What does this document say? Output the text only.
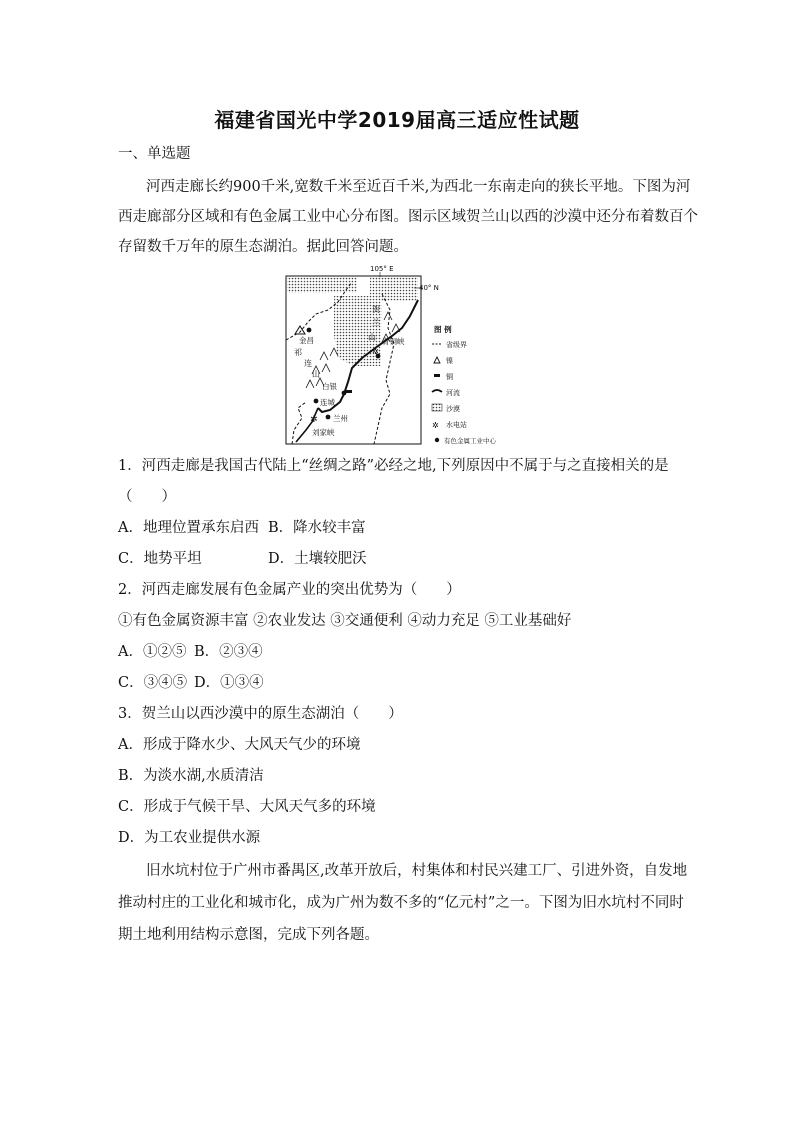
福建省国光中学2019届高三适应性试题
一、单选题
河西走廊长约900千米,宽数千米至近百千米,为西北一东南走向的狭长平地。下图为河
西走廊部分区域和有色金属工业中心分布图。图示区域贺兰山以西的沙漠中还分布着数百个
存留数千万年的原生态湖泊。据此回答问题。
105° E
40° N
✲
✲
金昌
白银
连城
兰州
刘家峡
青铜峡
祁
连
山
贺
兰
山
图 例
省级界
镍
铜
河流
沙漠
✲ 水电站
有色金属工业中心
1．河西走廊是我国古代陆上“丝绸之路”必经之地,下列原因中不属于与之直接相关的是
（　　）
A．地理位置承东启西 B．降水较丰富
C．地势平坦	D．土壤较肥沃
2．河西走廊发展有色金属产业的突出优势为（　　）
①有色金属资源丰富 ②农业发达 ③交通便利 ④动力充足 ⑤工业基础好
A．①②⑤ B．②③④
C．③④⑤ D．①③④
3．贺兰山以西沙漠中的原生态湖泊（　　）
A．形成于降水少、大风天气少的环境
B．为淡水湖,水质清洁
C．形成于气候干旱、大风天气多的环境
D．为工农业提供水源
旧水坑村位于广州市番禺区,改革开放后，村集体和村民兴建工厂、引进外资，自发地
推动村庄的工业化和城市化，成为广州为数不多的“亿元村”之一。下图为旧水坑村不同时
期土地利用结构示意图，完成下列各题。
